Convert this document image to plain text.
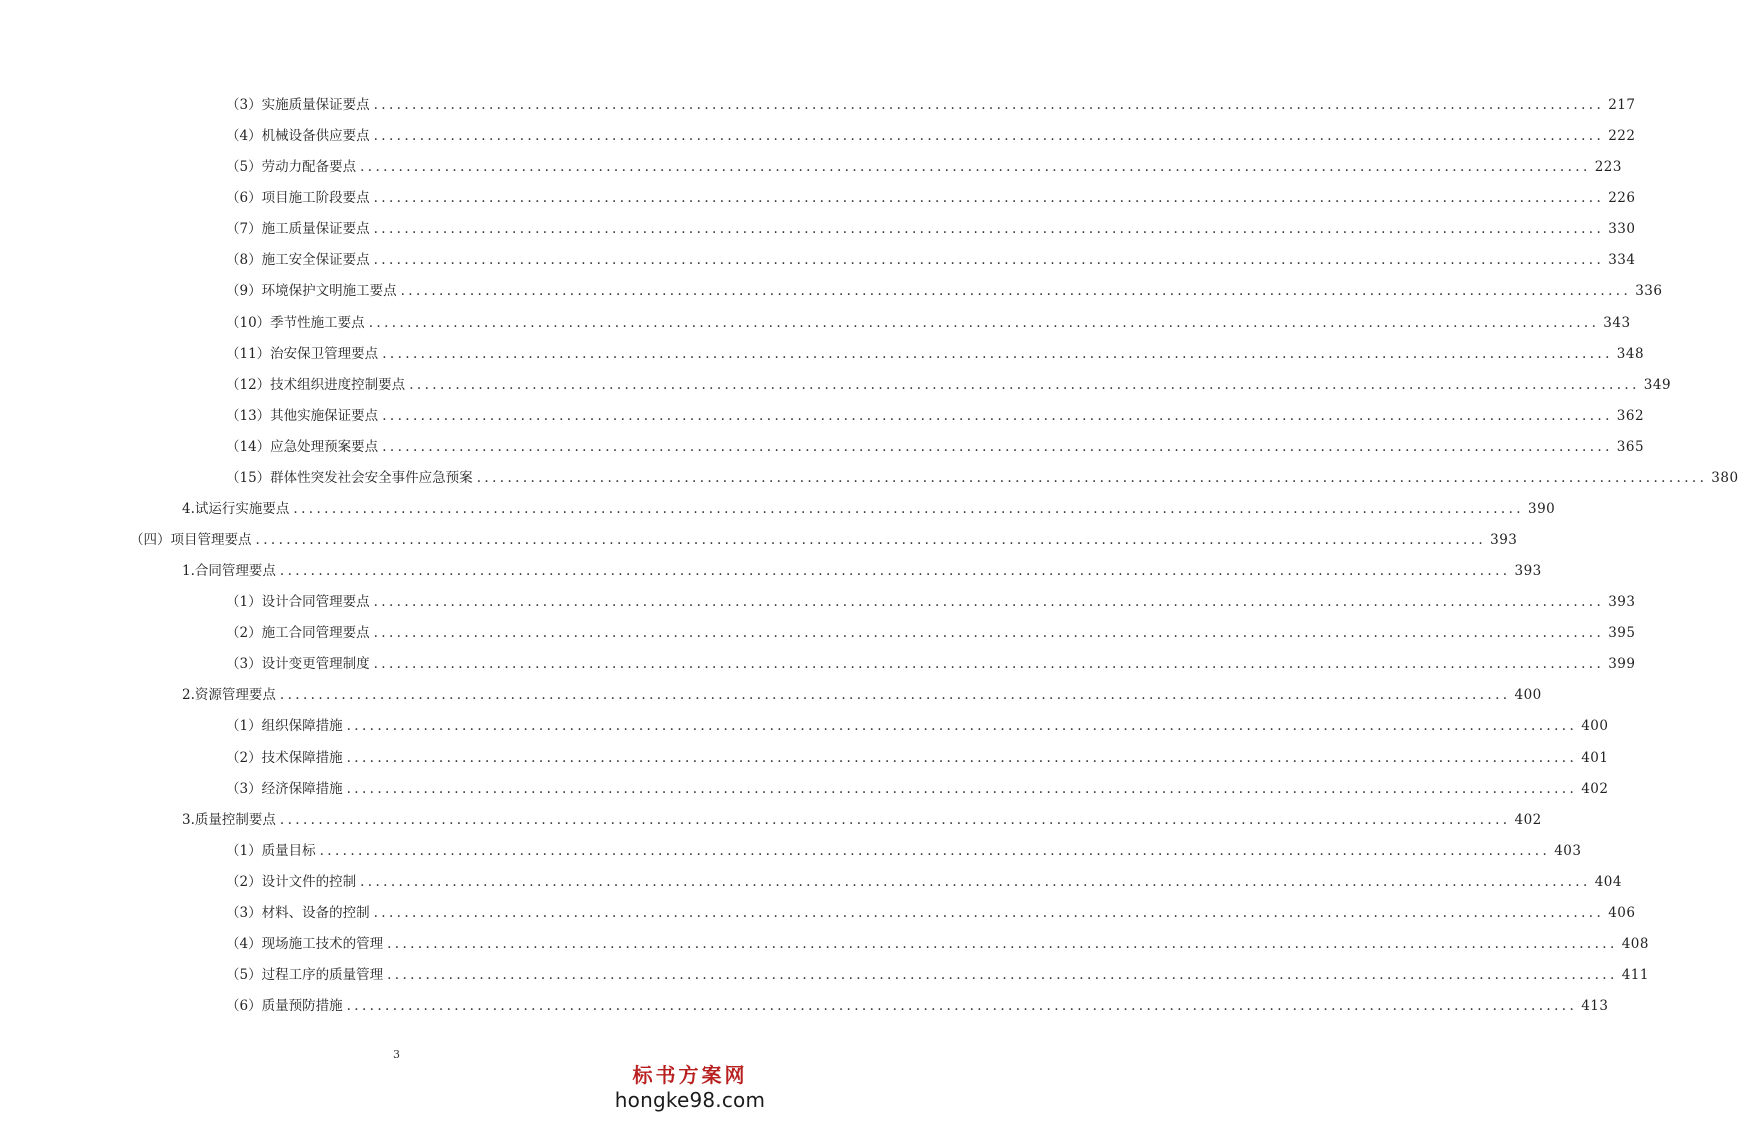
（3）实施质量保证要点 ................................................................................................................................................................ 217
（4）机械设备供应要点 ................................................................................................................................................................ 222
（5）劳动力配备要点 ................................................................................................................................................................ 223
（6）项目施工阶段要点 ................................................................................................................................................................ 226
（7）施工质量保证要点 ................................................................................................................................................................ 330
（8）施工安全保证要点 ................................................................................................................................................................ 334
（9）环境保护文明施工要点 ................................................................................................................................................................ 336
（10）季节性施工要点 ................................................................................................................................................................ 343
（11）治安保卫管理要点 ................................................................................................................................................................ 348
（12）技术组织进度控制要点 ................................................................................................................................................................ 349
（13）其他实施保证要点 ................................................................................................................................................................ 362
（14）应急处理预案要点 ................................................................................................................................................................ 365
（15）群体性突发社会安全事件应急预案 ................................................................................................................................................................ 380
4.试运行实施要点 ................................................................................................................................................................ 390
（四）项目管理要点 ................................................................................................................................................................ 393
1.合同管理要点 ................................................................................................................................................................ 393
（1）设计合同管理要点 ................................................................................................................................................................ 393
（2）施工合同管理要点 ................................................................................................................................................................ 395
（3）设计变更管理制度 ................................................................................................................................................................ 399
2.资源管理要点 ................................................................................................................................................................ 400
（1）组织保障措施 ................................................................................................................................................................ 400
（2）技术保障措施 ................................................................................................................................................................ 401
（3）经济保障措施 ................................................................................................................................................................ 402
3.质量控制要点 ................................................................................................................................................................ 402
（1）质量目标 ................................................................................................................................................................ 403
（2）设计文件的控制 ................................................................................................................................................................ 404
（3）材料、设备的控制 ................................................................................................................................................................ 406
（4）现场施工技术的管理 ................................................................................................................................................................ 408
（5）过程工序的质量管理 ................................................................................................................................................................ 411
（6）质量预防措施 ................................................................................................................................................................ 413
3
标书方案网
hongke98.com
